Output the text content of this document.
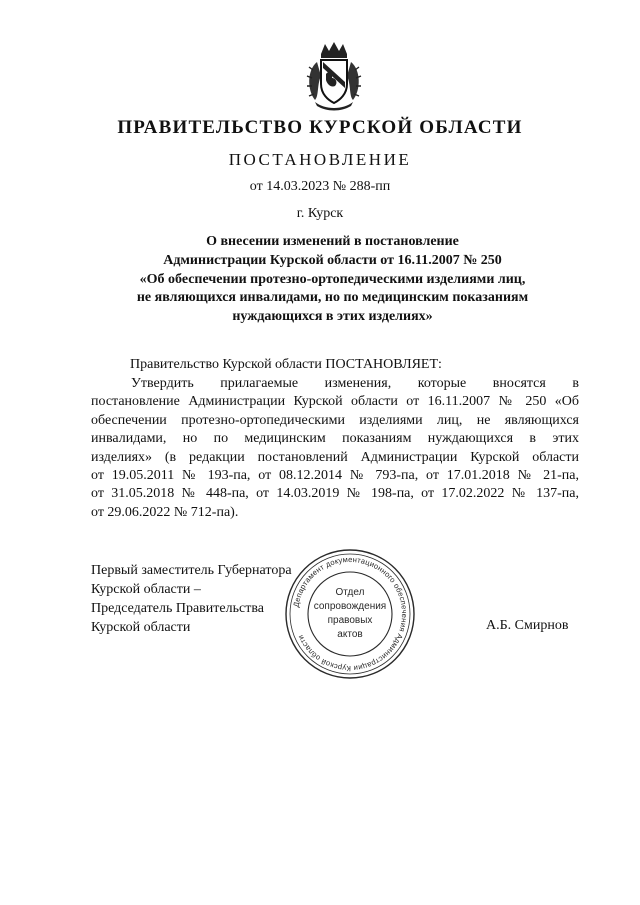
ПРАВИТЕЛЬСТВО КУРСКОЙ ОБЛАСТИ
ПОСТАНОВЛЕНИЕ
от 14.03.2023 № 288-пп
г. Курск
О внесении изменений в постановление
Администрации Курской области от 16.11.2007 № 250
«Об обеспечении протезно-ортопедическими изделиями лиц,
не являющихся инвалидами, но по медицинским показаниям
нуждающихся в этих изделиях»
Правительство Курской области ПОСТАНОВЛЯЕТ:
Утвердить прилагаемые изменения, которые вносятся в
постановление Администрации Курской области от 16.11.2007 № 250 «Об
обеспечении протезно-ортопедическими изделиями лиц, не являющихся
инвалидами, но по медицинским показаниям нуждающихся в этих
изделиях» (в редакции постановлений Администрации Курской области
от 19.05.2011 № 193-па, от 08.12.2014 № 793-па, от 17.01.2018 № 21-па,
от 31.05.2018 № 448-па, от 14.03.2019 № 198-па, от 17.02.2022 № 137-па,
от 29.06.2022 № 712-па).
Первый заместитель Губернатора
Курской области –
Председатель Правительства
Курской области	А.Б. Смирнов
Департамент документационного обеспечения Администрации Курской области
Отдел
сопровождения
правовых
актов
